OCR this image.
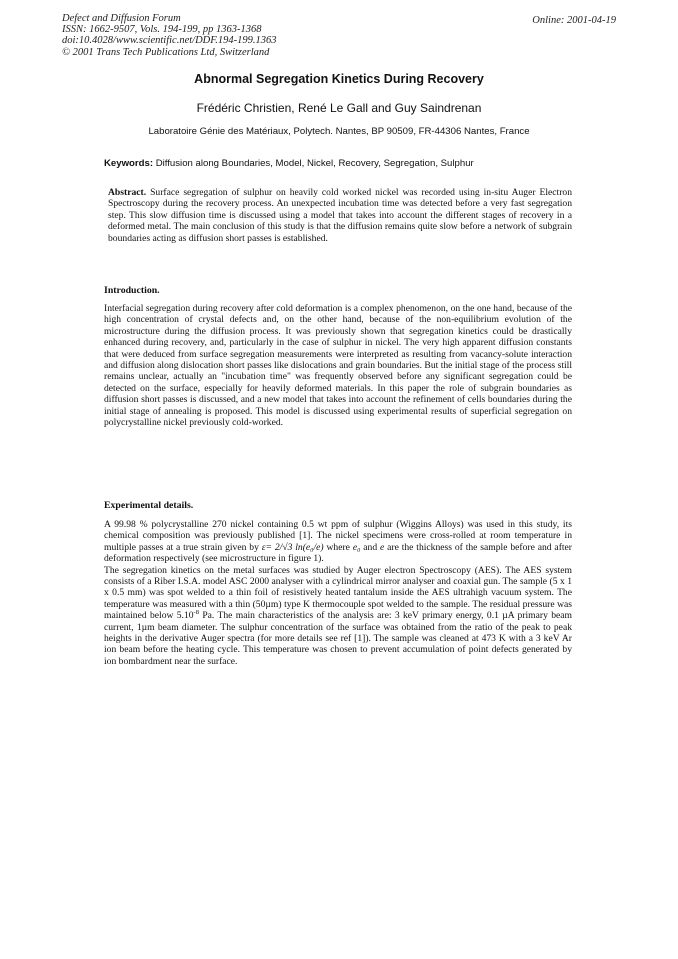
Defect and Diffusion Forum
ISSN: 1662-9507, Vols. 194-199, pp 1363-1368
doi:10.4028/www.scientific.net/DDF.194-199.1363
© 2001 Trans Tech Publications Ltd, Switzerland
Online: 2001-04-19
Abnormal Segregation Kinetics During Recovery
Frédéric Christien, René Le Gall and Guy Saindrenan
Laboratoire Génie des Matériaux, Polytech. Nantes, BP 90509, FR-44306 Nantes, France
Keywords: Diffusion along Boundaries, Model, Nickel, Recovery, Segregation, Sulphur

Abstract. Surface segregation of sulphur on heavily cold worked nickel was recorded using in-situ Auger Electron Spectroscopy during the recovery process. An unexpected incubation time was detected before a very fast segregation step. This slow diffusion time is discussed using a model that takes into account the different stages of recovery in a deformed metal. The main conclusion of this study is that the diffusion remains quite slow before a network of subgrain boundaries acting as diffusion short passes is established.

Introduction.

Interfacial segregation during recovery after cold deformation is a complex phenomenon, on the one hand, because of the high concentration of crystal defects and, on the other hand, because of the non-equilibrium evolution of the microstructure during the diffusion process. It was previously shown that segregation kinetics could be drastically enhanced during recovery, and, particularly in the case of sulphur in nickel. The very high apparent diffusion constants that were deduced from surface segregation measurements were interpreted as resulting from vacancy-solute interaction and diffusion along dislocation short passes like dislocations and grain boundaries. But the initial stage of the process still remains unclear, actually an "incubation time" was frequently observed before any significant segregation could be detected on the surface, especially for heavily deformed materials. In this paper the role of subgrain boundaries as diffusion short passes is discussed, and a new model that takes into account the refinement of cells boundaries during the initial stage of annealing is proposed. This model is discussed using experimental results of superficial segregation on polycrystalline nickel previously cold-worked.

Experimental details.
A 99.98 % polycrystalline 270 nickel containing 0.5 wt ppm of sulphur (Wiggins Alloys) was used in this study, its chemical composition was previously published [1]. The nickel specimens were cross-rolled at room temperature in multiple passes at a true strain given by ε= 2/√3 ln(e₀/e) where e₀ and e are the thickness of the sample before and after deformation respectively (see microstructure in figure 1).
The segregation kinetics on the metal surfaces was studied by Auger electron Spectroscopy (AES). The AES system consists of a Riber I.S.A. model ASC 2000 analyser with a cylindrical mirror analyser and coaxial gun. The sample (5 x 1 x 0.5 mm) was spot welded to a thin foil of resistively heated tantalum inside the AES ultrahigh vacuum system. The temperature was measured with a thin (50µm) type K thermocouple spot welded to the sample. The residual pressure was maintained below $5.10^{-8}$ Pa. The main characteristics of the analysis are: 3 keV primary energy, 0.1 µA primary beam current, 1µm beam diameter. The sulphur concentration of the surface was obtained from the ratio of the peak to peak heights in the derivative Auger spectra (for more details see ref [1]). The sample was cleaned at 473 K with a 3 keV Ar ion beam before the heating cycle. This temperature was chosen to prevent accumulation of point defects generated by ion bombardment near the surface.
